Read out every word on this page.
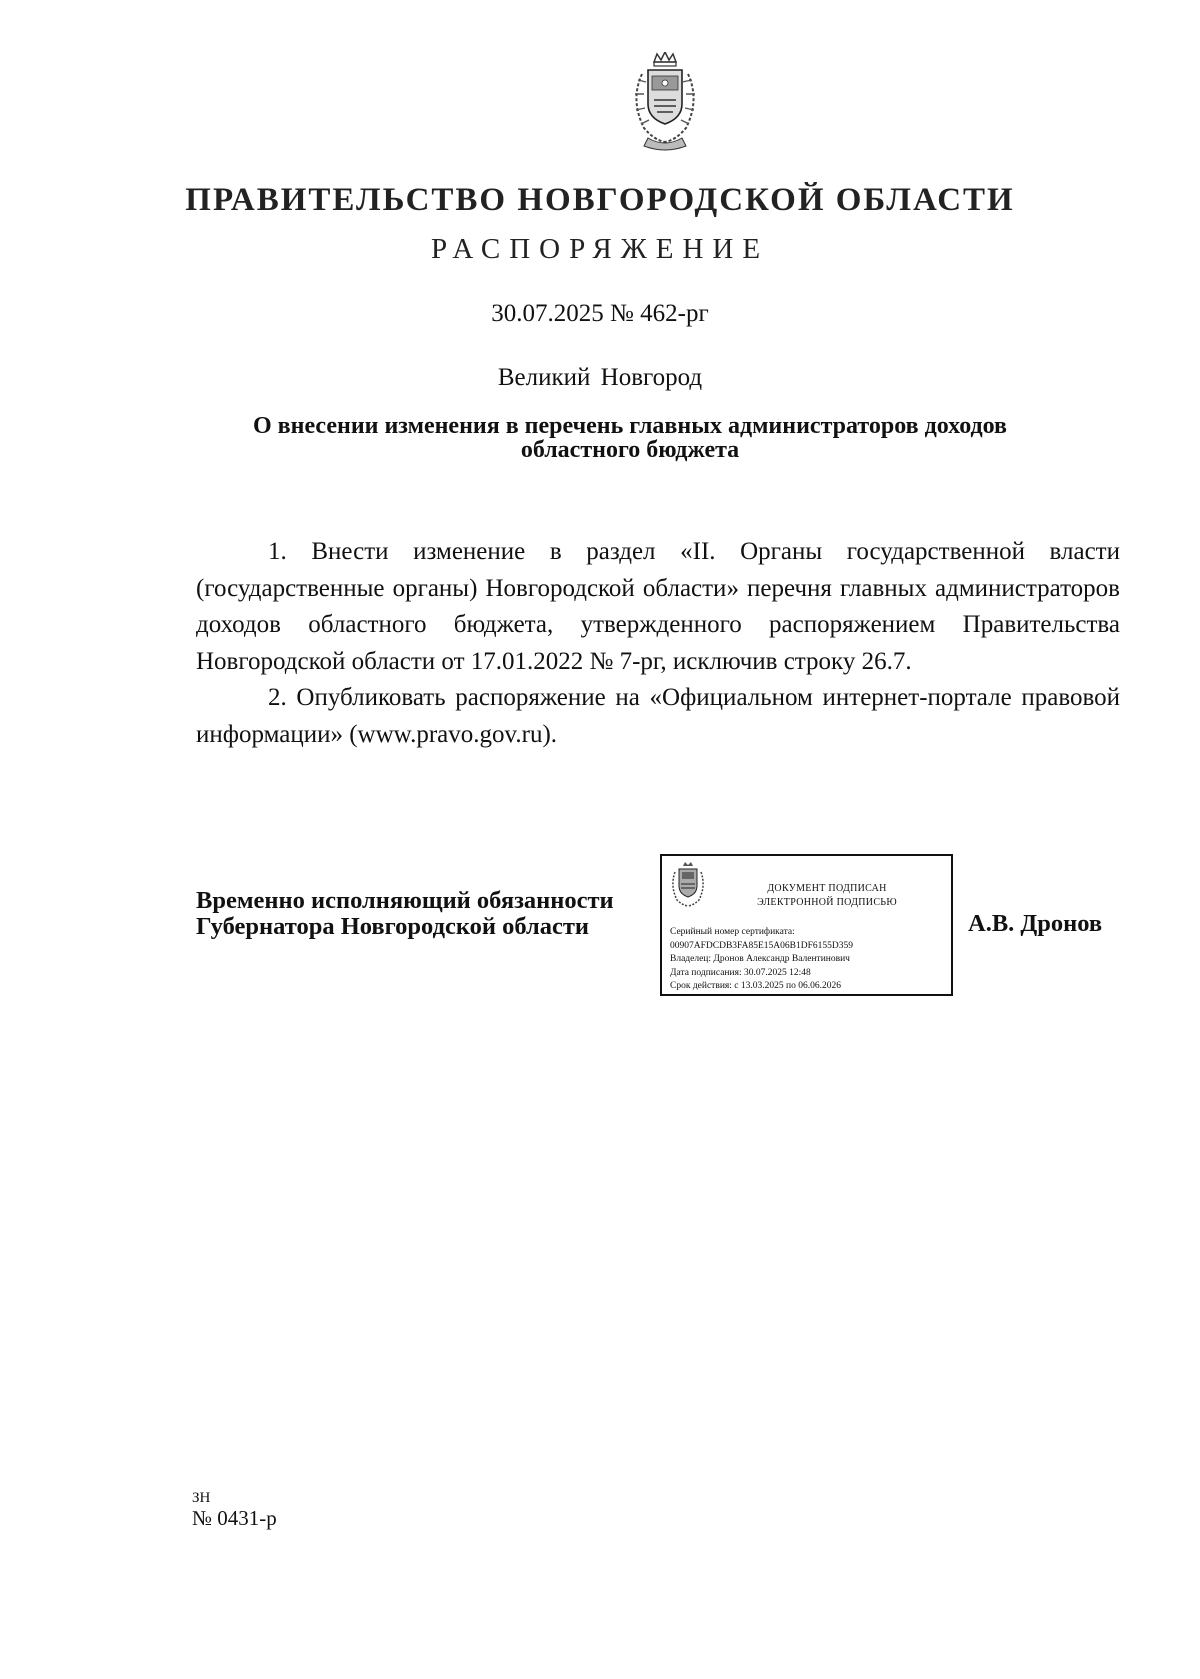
ПРАВИТЕЛЬСТВО НОВГОРОДСКОЙ ОБЛАСТИ
РАСПОРЯЖЕНИЕ
30.07.2025 № 462-рг
Великий Новгород
О внесении изменения в перечень главных администраторов доходов
областного бюджета

1. Внести изменение в раздел «II. Органы государственной власти (государственные органы) Новгородской области» перечня главных администраторов доходов областного бюджета, утвержденного распоряжением Правительства Новгородской области от 17.01.2022 № 7-рг, исключив строку 26.7.

2. Опубликовать распоряжение на «Официальном интернет-портале правовой информации» (www.pravo.gov.ru).

Временно исполняющий обязанности
Губернатора Новгородской области
ДОКУМЕНТ ПОДПИСАН
ЭЛЕКТРОННОЙ ПОДПИСЬЮ
Серийный номер сертификата:
00907AFDCDB3FA85E15A06B1DF6155D359
Владелец: Дронов Александр Валентинович
Дата подписания: 30.07.2025 12:48
Срок действия: с 13.03.2025 по 06.06.2026
А.В. Дронов
ЗН
№ 0431-р
